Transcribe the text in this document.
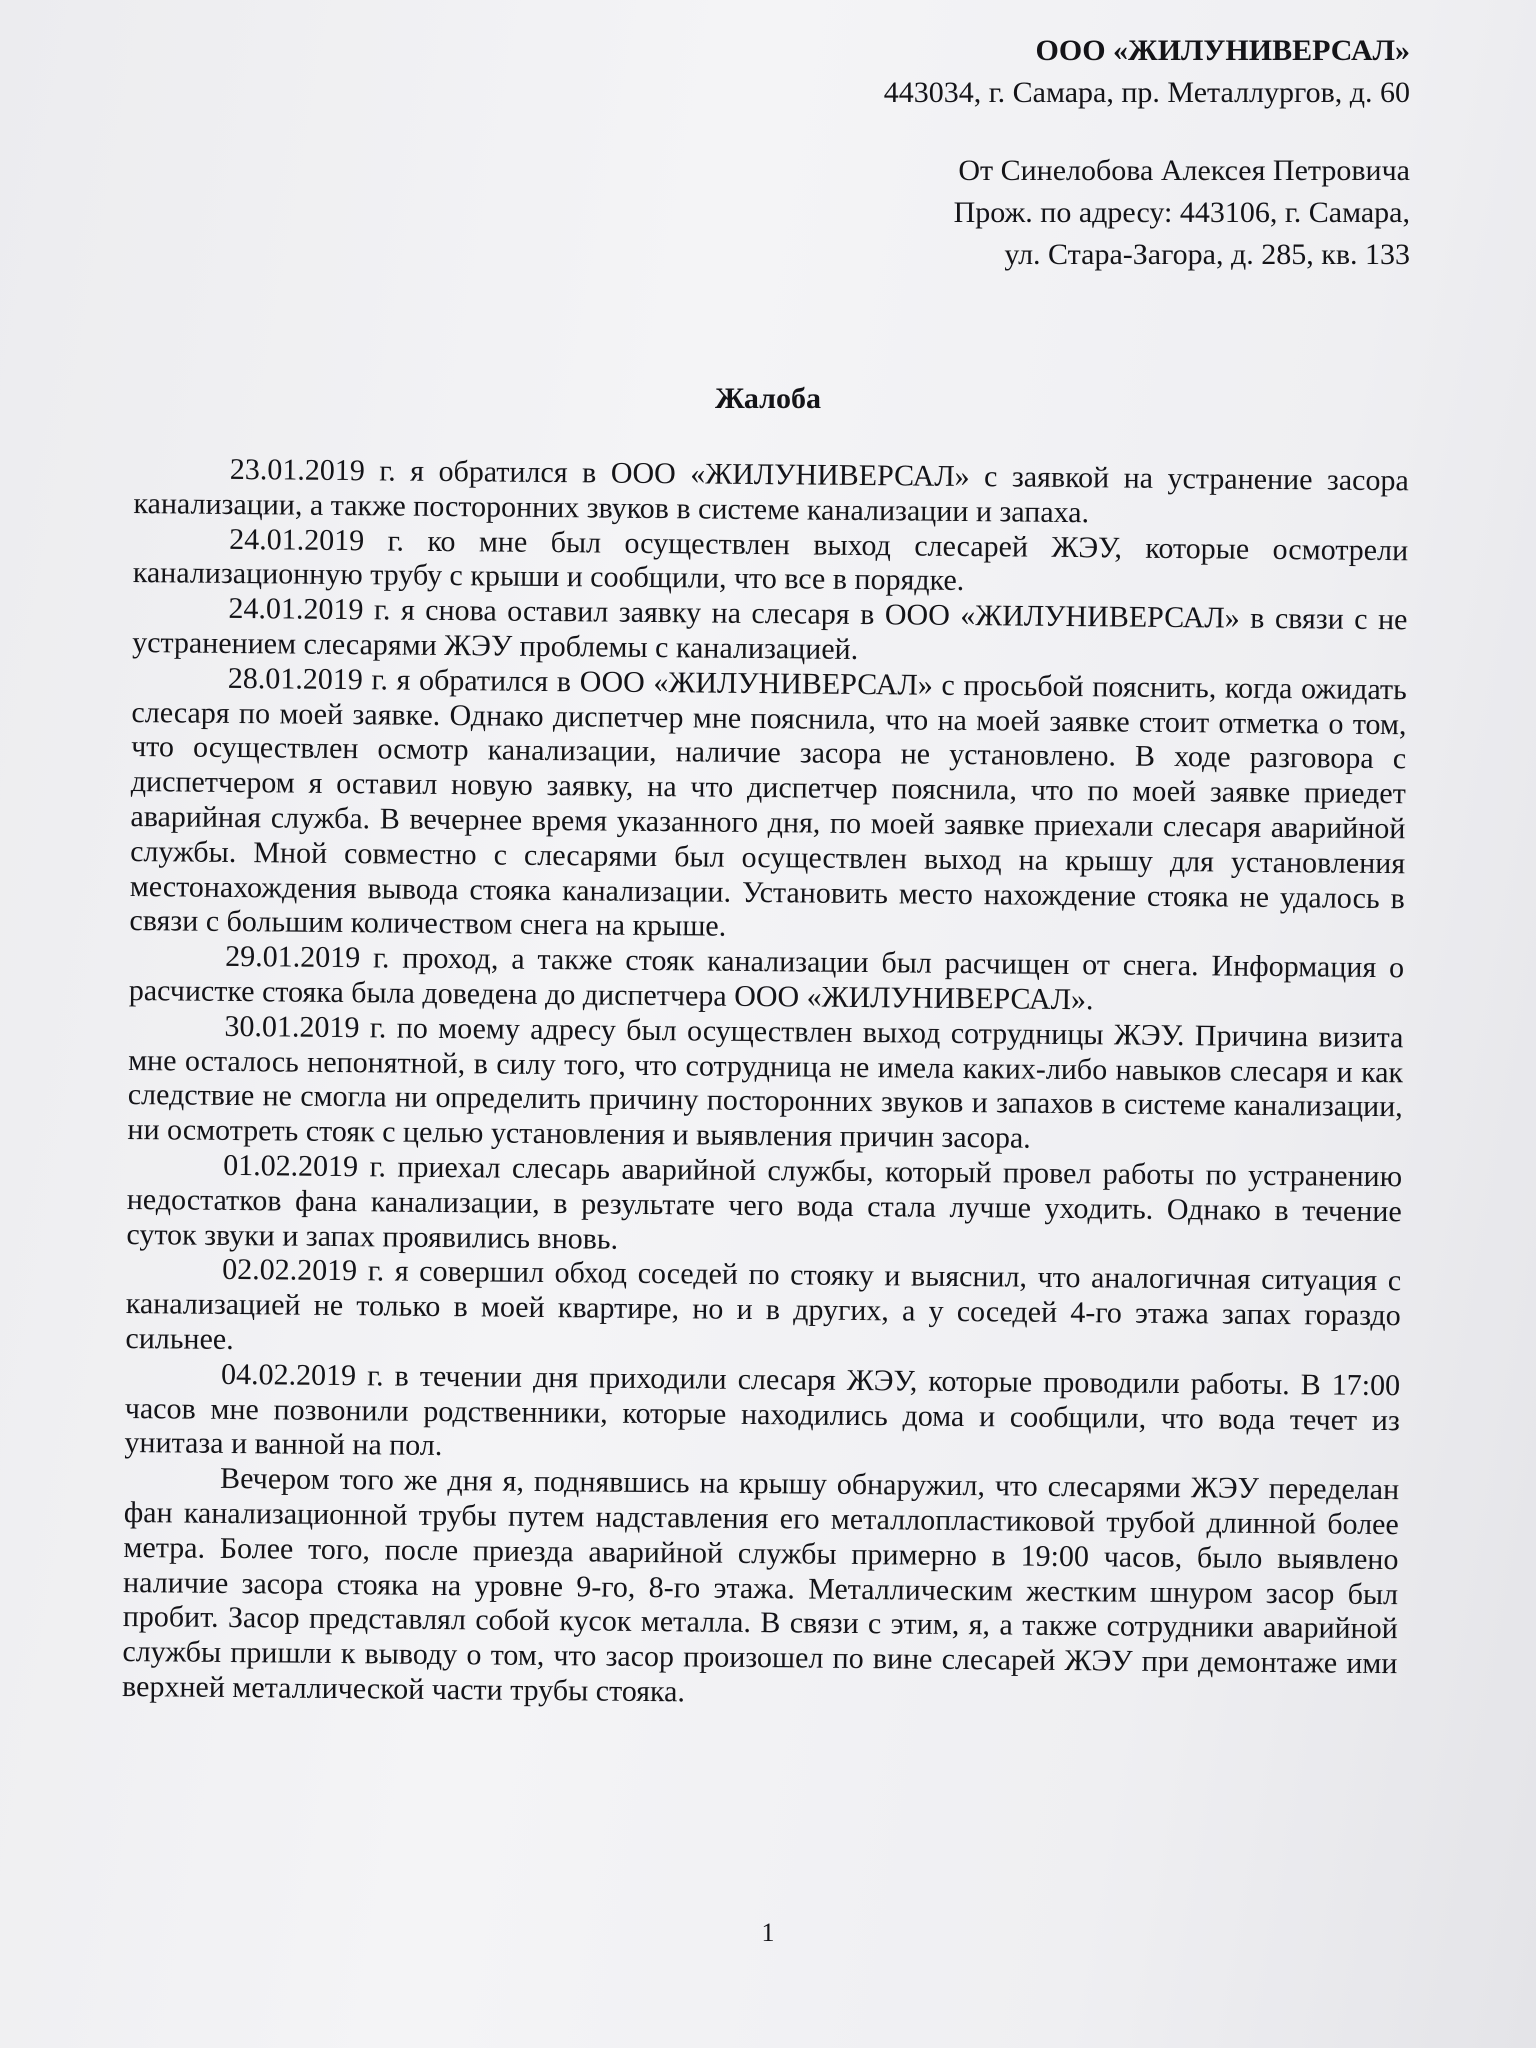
ООО «ЖИЛУНИВЕРСАЛ»
443034, г. Самара, пр. Металлургов, д. 60
От Синелобова Алексея Петровича
Прож. по адресу: 443106, г. Самара,
ул. Стара-Загора, д. 285, кв. 133
Жалоба

23.01.2019 г. я обратился в ООО «ЖИЛУНИВЕРСАЛ» с заявкой на устранение засора канализации, а также посторонних звуков в системе канализации и запаха.

24.01.2019 г. ко мне был осуществлен выход слесарей ЖЭУ, которые осмотрели канализационную трубу с крыши и сообщили, что все в порядке.

24.01.2019 г. я снова оставил заявку на слесаря в ООО «ЖИЛУНИВЕРСАЛ» в связи с не устранением слесарями ЖЭУ проблемы с канализацией.

28.01.2019 г. я обратился в ООО «ЖИЛУНИВЕРСАЛ» с просьбой пояснить, когда ожидать слесаря по моей заявке. Однако диспетчер мне пояснила, что на моей заявке стоит отметка о том, что осуществлен осмотр канализации, наличие засора не установлено. В ходе разговора с диспетчером я оставил новую заявку, на что диспетчер пояснила, что по моей заявке приедет аварийная служба. В вечернее время указанного дня, по моей заявке приехали слесаря аварийной службы. Мной совместно с слесарями был осуществлен выход на крышу для установления местонахождения вывода стояка канализации. Установить место нахождение стояка не удалось в связи с большим количеством снега на крыше.

29.01.2019 г. проход, а также стояк канализации был расчищен от снега. Информация о расчистке стояка была доведена до диспетчера ООО «ЖИЛУНИВЕРСАЛ».

30.01.2019 г. по моему адресу был осуществлен выход сотрудницы ЖЭУ. Причина визита мне осталось непонятной, в силу того, что сотрудница не имела каких-либо навыков слесаря и как следствие не смогла ни определить причину посторонних звуков и запахов в системе канализации, ни осмотреть стояк с целью установления и выявления причин засора.

01.02.2019 г. приехал слесарь аварийной службы, который провел работы по устранению недостатков фана канализации, в результате чего вода стала лучше уходить. Однако в течение суток звуки и запах проявились вновь.

02.02.2019 г. я совершил обход соседей по стояку и выяснил, что аналогичная ситуация с канализацией не только в моей квартире, но и в других, а у соседей 4-го этажа запах гораздо сильнее.

04.02.2019 г. в течении дня приходили слесаря ЖЭУ, которые проводили работы. В 17:00 часов мне позвонили родственники, которые находились дома и сообщили, что вода течет из унитаза и ванной на пол.

Вечером того же дня я, поднявшись на крышу обнаружил, что слесарями ЖЭУ переделан фан канализационной трубы путем надставления его металлопластиковой трубой длинной более метра. Более того, после приезда аварийной службы примерно в 19:00 часов, было выявлено наличие засора стояка на уровне 9-го, 8-го этажа. Металлическим жестким шнуром засор был пробит. Засор представлял собой кусок металла. В связи с этим, я, а также сотрудники аварийной службы пришли к выводу о том, что засор произошел по вине слесарей ЖЭУ при демонтаже ими верхней металлической части трубы стояка.

1
